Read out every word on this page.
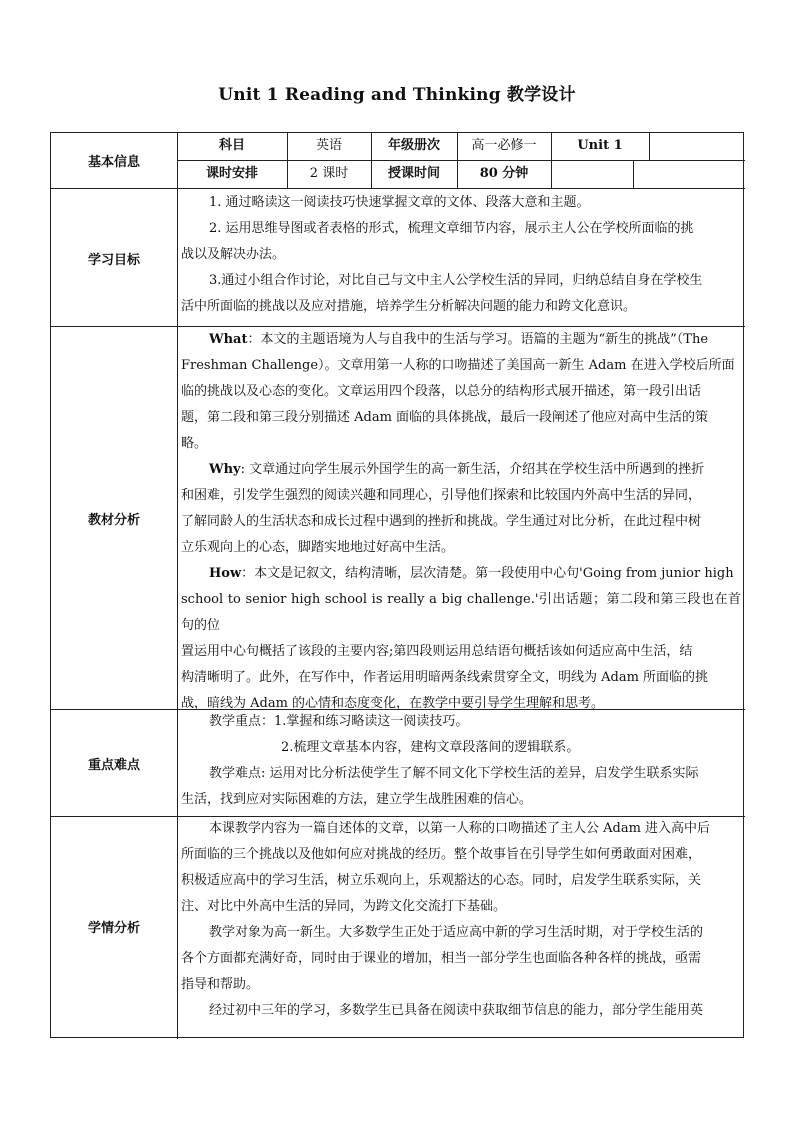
Unit 1 Reading and Thinking 教学设计
基本信息
科目	英语	年级册次	高一必修一	Unit 1
课时安排	2 课时	授课时间	80 分钟
学习目标

1. 通过略读这一阅读技巧快速掌握文章的文体、段落大意和主题。

2. 运用思维导图或者表格的形式，梳理文章细节内容，展示主人公在学校所面临的挑

战以及解决办法。

3.通过小组合作讨论，对比自己与文中主人公学校生活的异同，归纳总结自身在学校生

活中所面临的挑战以及应对措施，培养学生分析解决问题的能力和跨文化意识。

教材分析

What：本文的主题语境为人与自我中的生活与学习。语篇的主题为“新生的挑战”（The

Freshman Challenge）。文章用第一人称的口吻描述了美国高一新生 Adam 在进入学校后所面

临的挑战以及心态的变化。文章运用四个段落，以总分的结构形式展开描述，第一段引出话

题，第二段和第三段分别描述 Adam 面临的具体挑战，最后一段阐述了他应对高中生活的策

略。

Why: 文章通过向学生展示外国学生的高一新生活，介绍其在学校生活中所遇到的挫折

和困难，引发学生强烈的阅读兴趣和同理心，引导他们探索和比较国内外高中生活的异同，

了解同龄人的生活状态和成长过程中遇到的挫折和挑战。学生通过对比分析，在此过程中树

立乐观向上的心态，脚踏实地地过好高中生活。

How：本文是记叙文，结构清晰，层次清楚。第一段使用中心句'Going from junior high

school to senior high school is really a big challenge.'引出话题；第二段和第三段也在首句的位

置运用中心句概括了该段的主要内容;第四段则运用总结语句概括该如何适应高中生活，结

构清晰明了。此外，在写作中，作者运用明暗两条线索贯穿全文，明线为 Adam 所面临的挑

战，暗线为 Adam 的心情和态度变化，在教学中要引导学生理解和思考。

重点难点

教学重点：1.掌握和练习略读这一阅读技巧。

2.梳理文章基本内容，建构文章段落间的逻辑联系。

教学难点: 运用对比分析法使学生了解不同文化下学校生活的差异，启发学生联系实际

生活，找到应对实际困难的方法，建立学生战胜困难的信心。

学情分析

本课教学内容为一篇自述体的文章，以第一人称的口吻描述了主人公 Adam 进入高中后

所面临的三个挑战以及他如何应对挑战的经历。整个故事旨在引导学生如何勇敢面对困难，

积极适应高中的学习生活，树立乐观向上，乐观豁达的心态。同时，启发学生联系实际，关

注、对比中外高中生活的异同，为跨文化交流打下基础。

教学对象为高一新生。大多数学生正处于适应高中新的学习生活时期，对于学校生活的

各个方面都充满好奇，同时由于课业的增加，相当一部分学生也面临各种各样的挑战，亟需

指导和帮助。

经过初中三年的学习，多数学生已具备在阅读中获取细节信息的能力，部分学生能用英
